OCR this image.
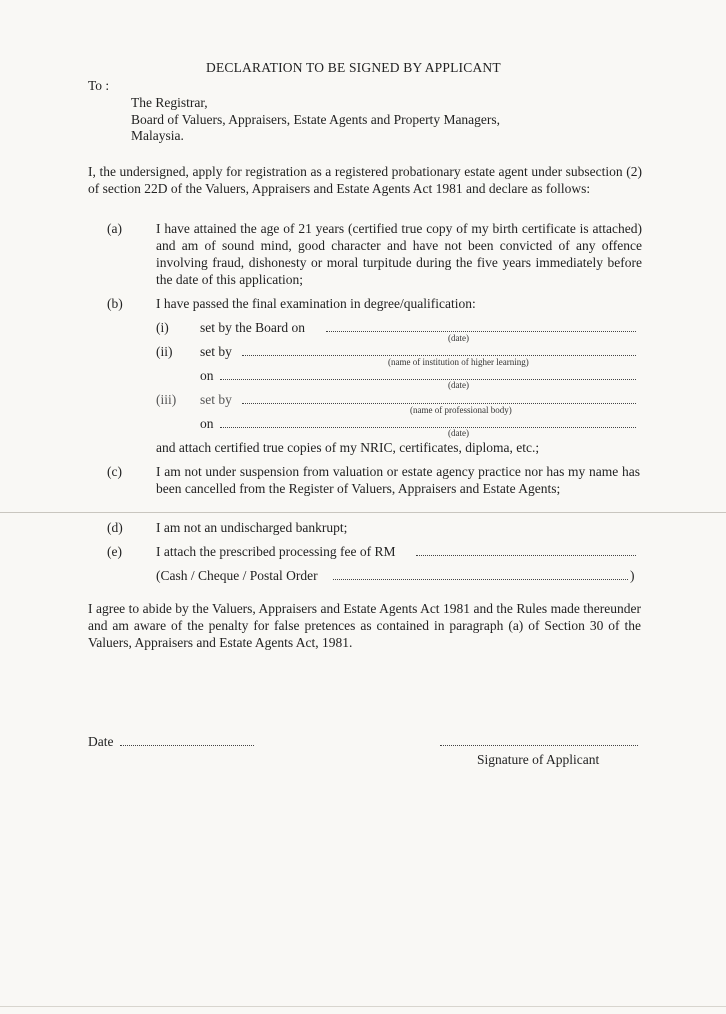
DECLARATION TO BE SIGNED BY APPLICANT
To :
The Registrar,
Board of Valuers, Appraisers, Estate Agents and Property Managers,
Malaysia.
I, the undersigned, apply for registration as a registered probationary estate agent under subsection (2) of section 22D of the Valuers, Appraisers and Estate Agents Act 1981 and declare as follows:
(a)	I have attained the age of 21 years (certified true copy of my birth certificate is attached) and am of sound mind, good character and have not been convicted of any offence involving fraud, dishonesty or moral turpitude during the five years immediately before the date of this application;
(b) I have passed the final examination in degree/qualification:
(i) set by the Board on
(date)
(ii) set by
(name of institution of higher learning)
on
(date)
(iii) set by
(name of professional body)
on
(date)
and attach certified true copies of my NRIC, certificates, diploma, etc.;
(c)	I am not under suspension from valuation or estate agency practice nor has my name has been cancelled from the Register of Valuers, Appraisers and Estate Agents;
(d) I am not an undischarged bankrupt;
(e)	I attach the prescribed processing fee of RM
(Cash / Cheque / Postal Order	)
I agree to abide by the Valuers, Appraisers and Estate Agents Act 1981 and the Rules made thereunder and am aware of the penalty for false pretences as contained in paragraph (a) of Section 30 of the Valuers, Appraisers and Estate Agents Act, 1981.
Date
Signature of Applicant
